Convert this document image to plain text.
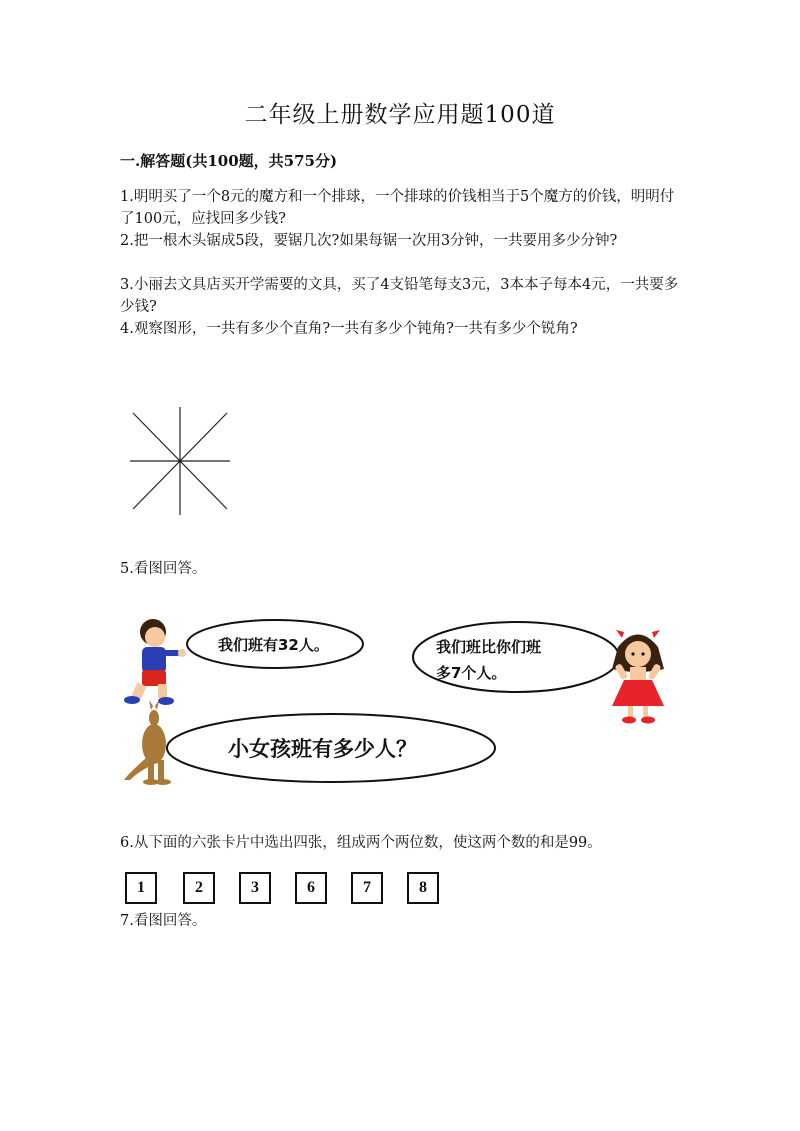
二年级上册数学应用题100道
一.解答题(共100题，共575分)
1.明明买了一个8元的魔方和一个排球，一个排球的价钱相当于5个魔方的价钱，明明付了100元，应找回多少钱?
2.把一根木头锯成5段，要锯几次?如果每锯一次用3分钟，一共要用多少分钟?
3.小丽去文具店买开学需要的文具，买了4支铅笔每支3元，3本本子每本4元，一共要多少钱?
4.观察图形，一共有多少个直角?一共有多少个钝角?一共有多少个锐角?
5.看图回答。
我们班有32人。	我们班比你们班
多7个人。
小女孩班有多少人？
6.从下面的六张卡片中选出四张，组成两个两位数，使这两个数的和是99。
1	2	3	6	7	8
7.看图回答。
